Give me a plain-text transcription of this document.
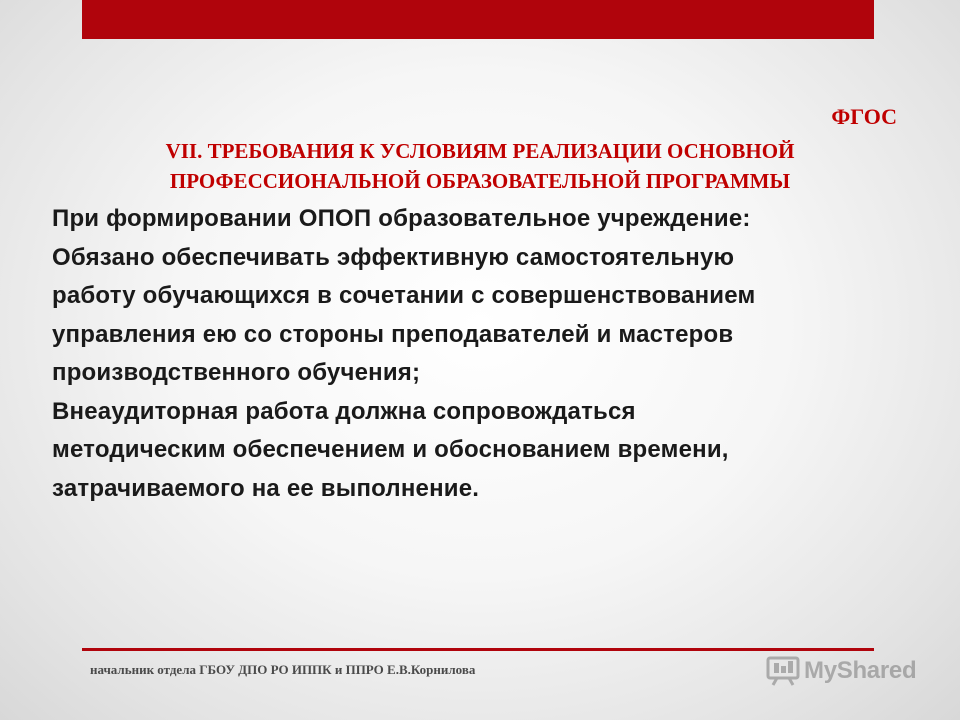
ФГОС
VII. ТРЕБОВАНИЯ К УСЛОВИЯМ РЕАЛИЗАЦИИ ОСНОВНОЙ
ПРОФЕССИОНАЛЬНОЙ ОБРАЗОВАТЕЛЬНОЙ ПРОГРАММЫ
При формировании ОПОП образовательное учреждение:
Обязано обеспечивать эффективную самостоятельную
работу обучающихся в сочетании с совершенствованием
управления ею со стороны преподавателей и мастеров
производственного обучения;
Внеаудиторная работа должна сопровождаться
методическим обеспечением и обоснованием времени,
затрачиваемого на ее выполнение.
начальник отдела ГБОУ ДПО РО ИППК и ППРО Е.В.Корнилова	MyShared
